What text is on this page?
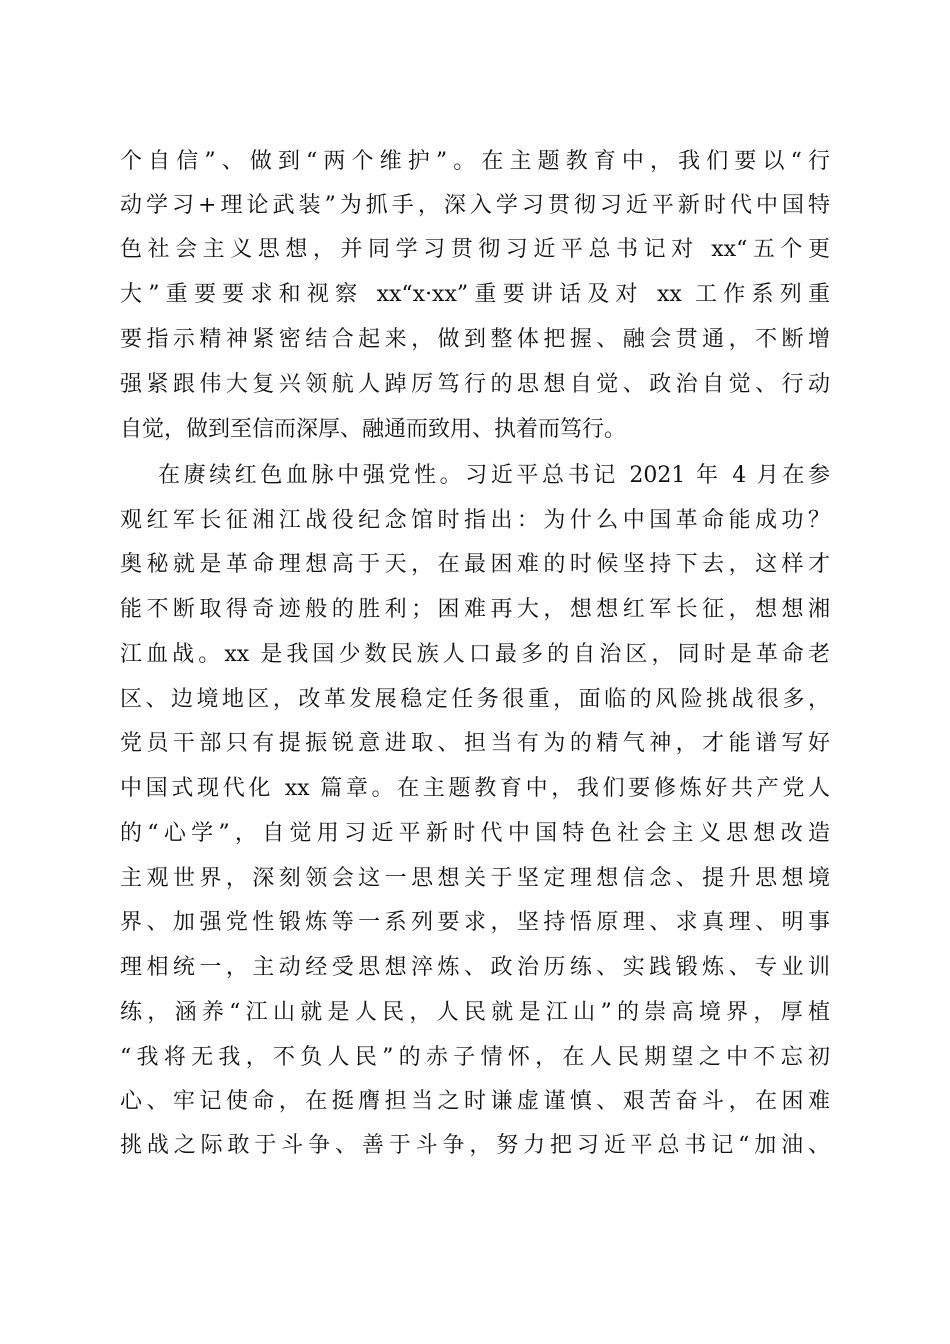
个自信”、做到“两个维护”。在主题教育中，我们要以“行
动学习+理论武装”为抓手，深入学习贯彻习近平新时代中国特
色社会主义思想，并同学习贯彻习近平总书记对 xx“五个更
大”重要要求和视察 xx“x·xx”重要讲话及对 xx 工作系列重
要指示精神紧密结合起来，做到整体把握、融会贯通，不断增
强紧跟伟大复兴领航人踔厉笃行的思想自觉、政治自觉、行动
自觉，做到至信而深厚、融通而致用、执着而笃行。
在赓续红色血脉中强党性。习近平总书记 2021 年 4 月在参
观红军长征湘江战役纪念馆时指出：为什么中国革命能成功？
奥秘就是革命理想高于天，在最困难的时候坚持下去，这样才
能不断取得奇迹般的胜利；困难再大，想想红军长征，想想湘
江血战。xx 是我国少数民族人口最多的自治区，同时是革命老
区、边境地区，改革发展稳定任务很重，面临的风险挑战很多，
党员干部只有提振锐意进取、担当有为的精气神，才能谱写好
中国式现代化 xx 篇章。在主题教育中，我们要修炼好共产党人
的“心学”，自觉用习近平新时代中国特色社会主义思想改造
主观世界，深刻领会这一思想关于坚定理想信念、提升思想境
界、加强党性锻炼等一系列要求，坚持悟原理、求真理、明事
理相统一，主动经受思想淬炼、政治历练、实践锻炼、专业训
练，涵养“江山就是人民，人民就是江山”的崇高境界，厚植
“我将无我，不负人民”的赤子情怀，在人民期望之中不忘初
心、牢记使命，在挺膺担当之时谦虚谨慎、艰苦奋斗，在困难
挑战之际敢于斗争、善于斗争，努力把习近平总书记“加油、
